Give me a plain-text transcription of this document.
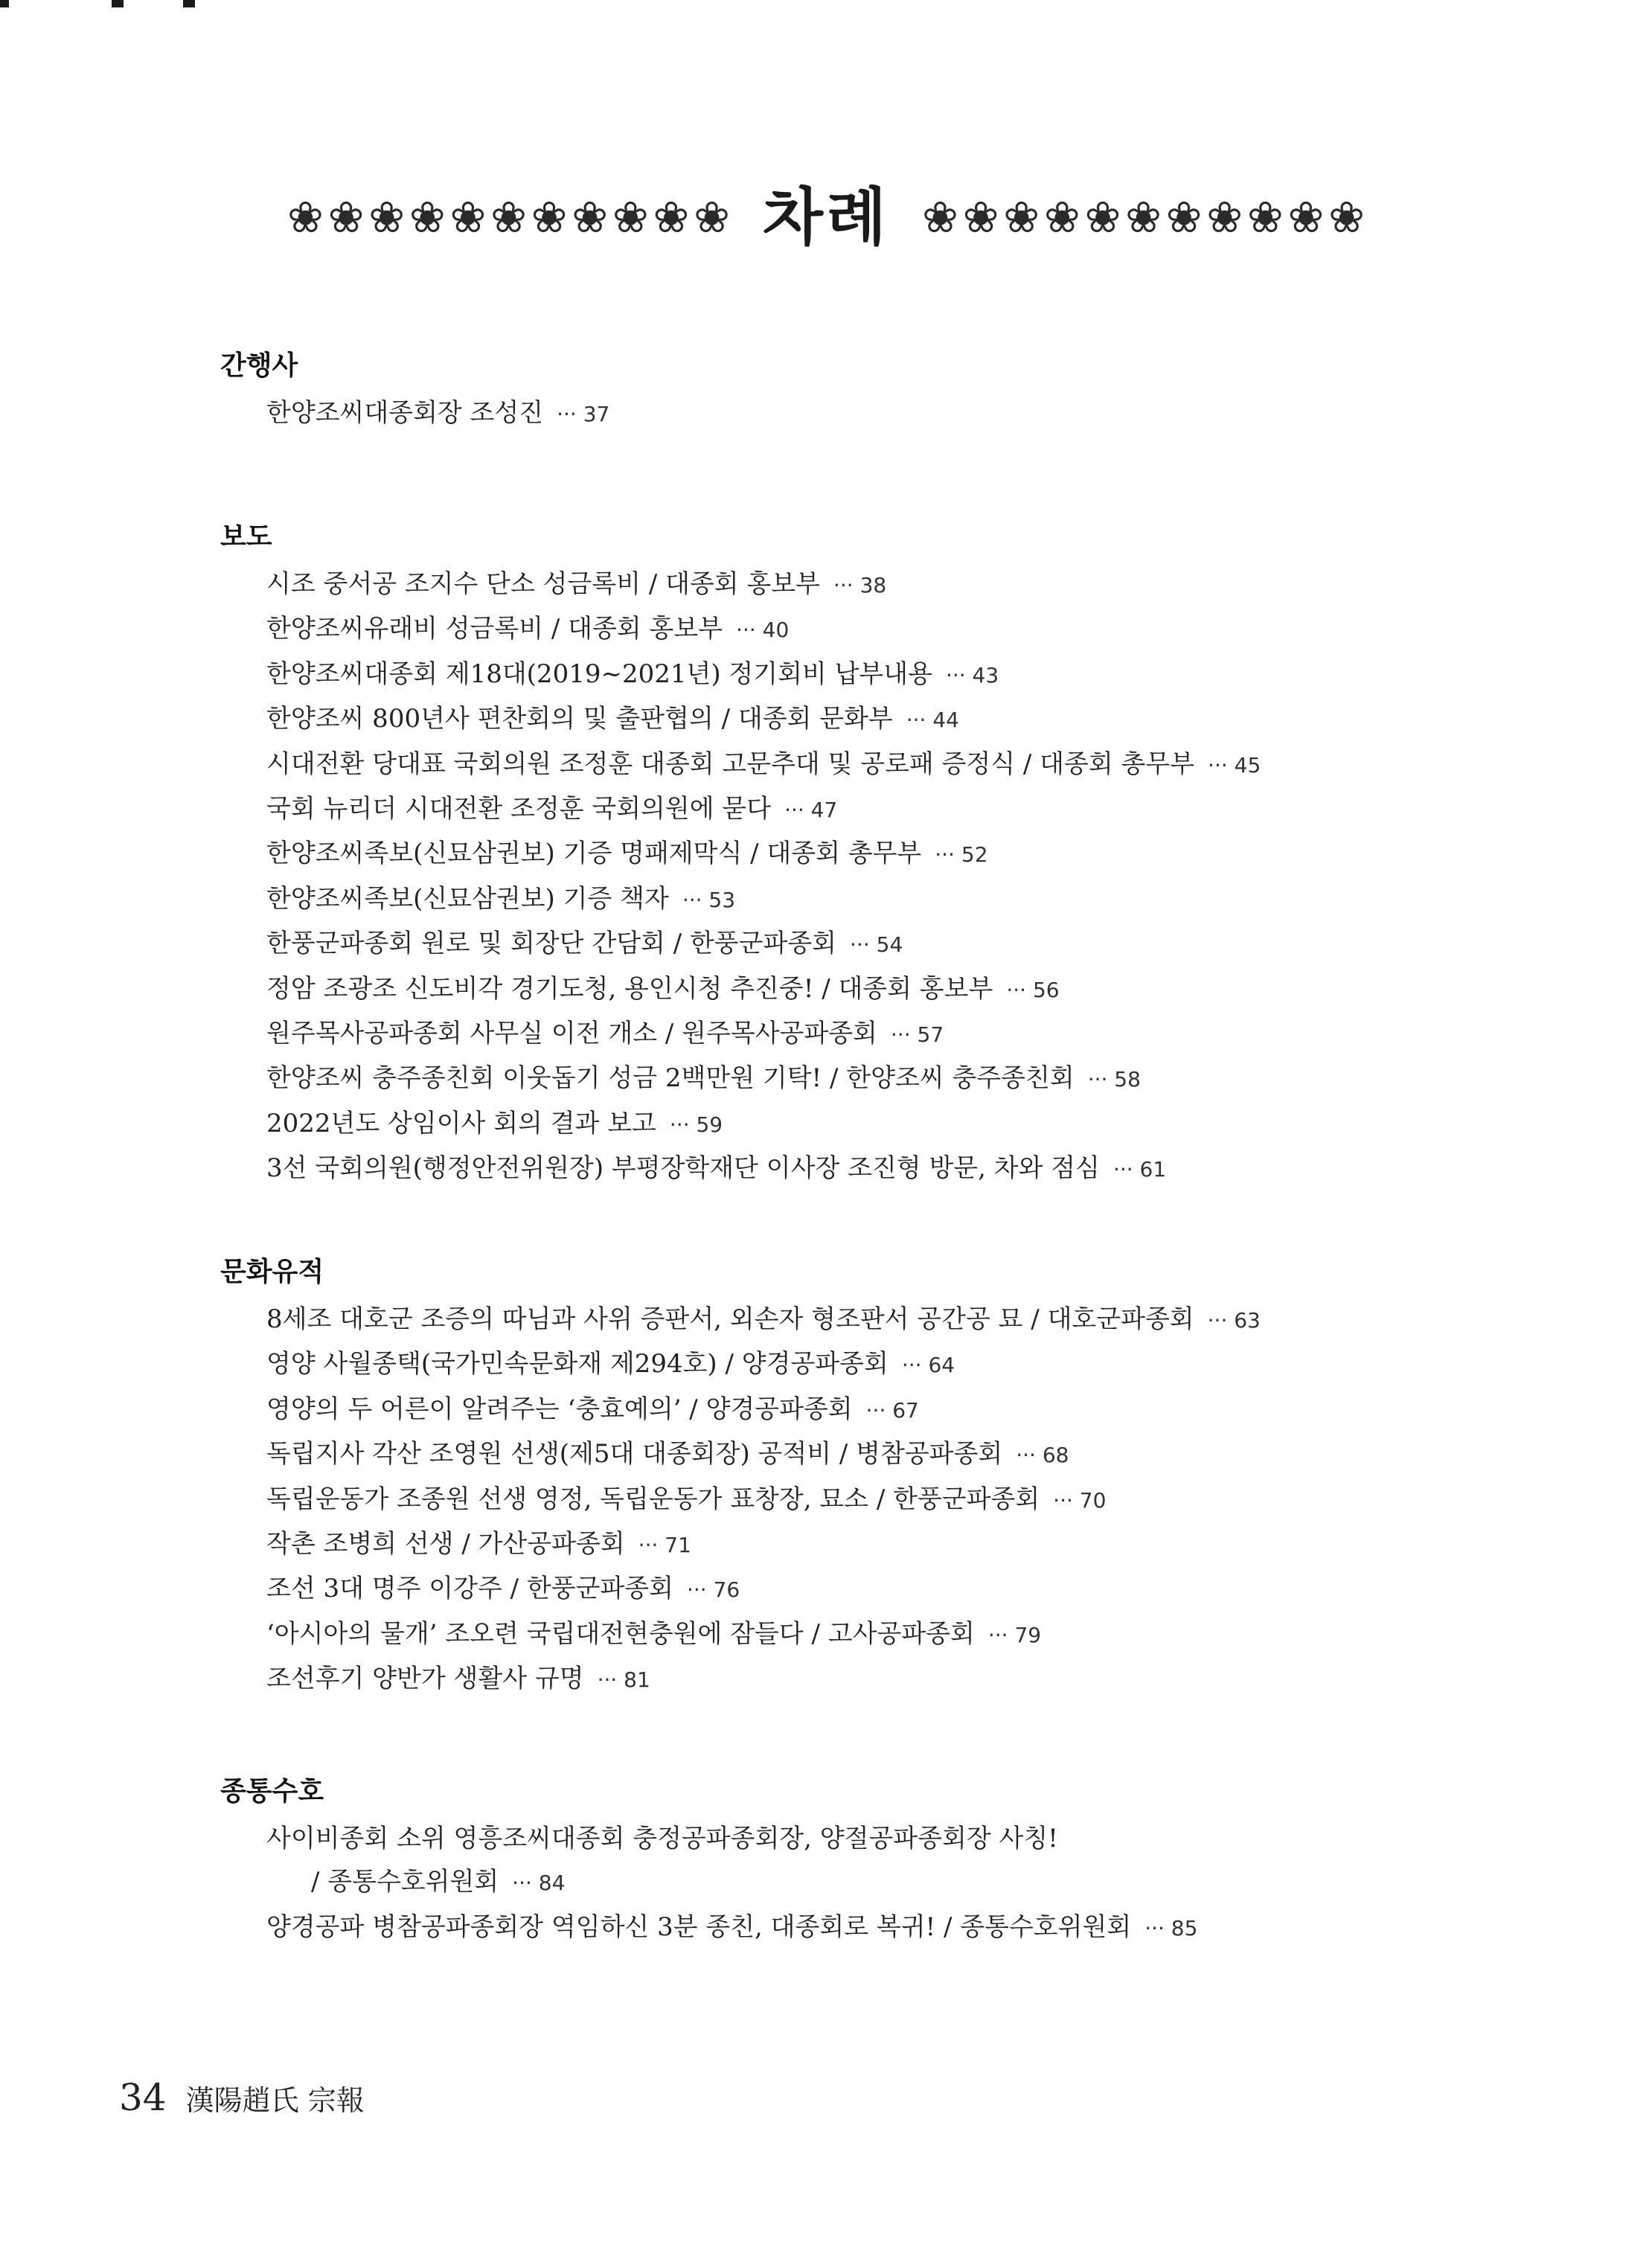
❀ ❀ ❀ ❀ ❀ ❀ ❀ ❀ ❀ ❀ ❀ 차례 ❀ ❀ ❀ ❀ ❀ ❀ ❀ ❀ ❀ ❀ ❀
간행사
한양조씨대종회장 조성진 ··· 37
보도
시조 중서공 조지수 단소 성금록비 / 대종회 홍보부 ··· 38
한양조씨유래비 성금록비 / 대종회 홍보부 ··· 40
한양조씨대종회 제18대(2019~2021년) 정기회비 납부내용 ··· 43
한양조씨 800년사 편찬회의 및 출판협의 / 대종회 문화부 ··· 44
시대전환 당대표 국회의원 조정훈 대종회 고문추대 및 공로패 증정식 / 대종회 총무부 ··· 45
국회 뉴리더 시대전환 조정훈 국회의원에 묻다 ··· 47
한양조씨족보(신묘삼권보) 기증 명패제막식 / 대종회 총무부 ··· 52
한양조씨족보(신묘삼권보) 기증 책자 ··· 53
한풍군파종회 원로 및 회장단 간담회 / 한풍군파종회 ··· 54
정암 조광조 신도비각 경기도청, 용인시청 추진중! / 대종회 홍보부 ··· 56
원주목사공파종회 사무실 이전 개소 / 원주목사공파종회 ··· 57
한양조씨 충주종친회 이웃돕기 성금 2백만원 기탁! / 한양조씨 충주종친회 ··· 58
2022년도 상임이사 회의 결과 보고 ··· 59
3선 국회의원(행정안전위원장) 부평장학재단 이사장 조진형 방문, 차와 점심 ··· 61
문화유적
8세조 대호군 조증의 따님과 사위 증판서, 외손자 형조판서 공간공 묘 / 대호군파종회 ··· 63
영양 사월종택(국가민속문화재 제294호) / 양경공파종회 ··· 64
영양의 두 어른이 알려주는 ‘충효예의’ / 양경공파종회 ··· 67
독립지사 각산 조영원 선생(제5대 대종회장) 공적비 / 병참공파종회 ··· 68
독립운동가 조종원 선생 영정, 독립운동가 표창장, 묘소 / 한풍군파종회 ··· 70
작촌 조병희 선생 / 가산공파종회 ··· 71
조선 3대 명주 이강주 / 한풍군파종회 ··· 76
‘아시아의 물개’ 조오련 국립대전현충원에 잠들다 / 고사공파종회 ··· 79
조선후기 양반가 생활사 규명 ··· 81
종통수호
사이비종회 소위 영흥조씨대종회 충정공파종회장, 양절공파종회장 사칭!
/ 종통수호위원회 ··· 84
양경공파 병참공파종회장 역임하신 3분 종친, 대종회로 복귀! / 종통수호위원회 ··· 85
34 漢陽趙氏 宗報
